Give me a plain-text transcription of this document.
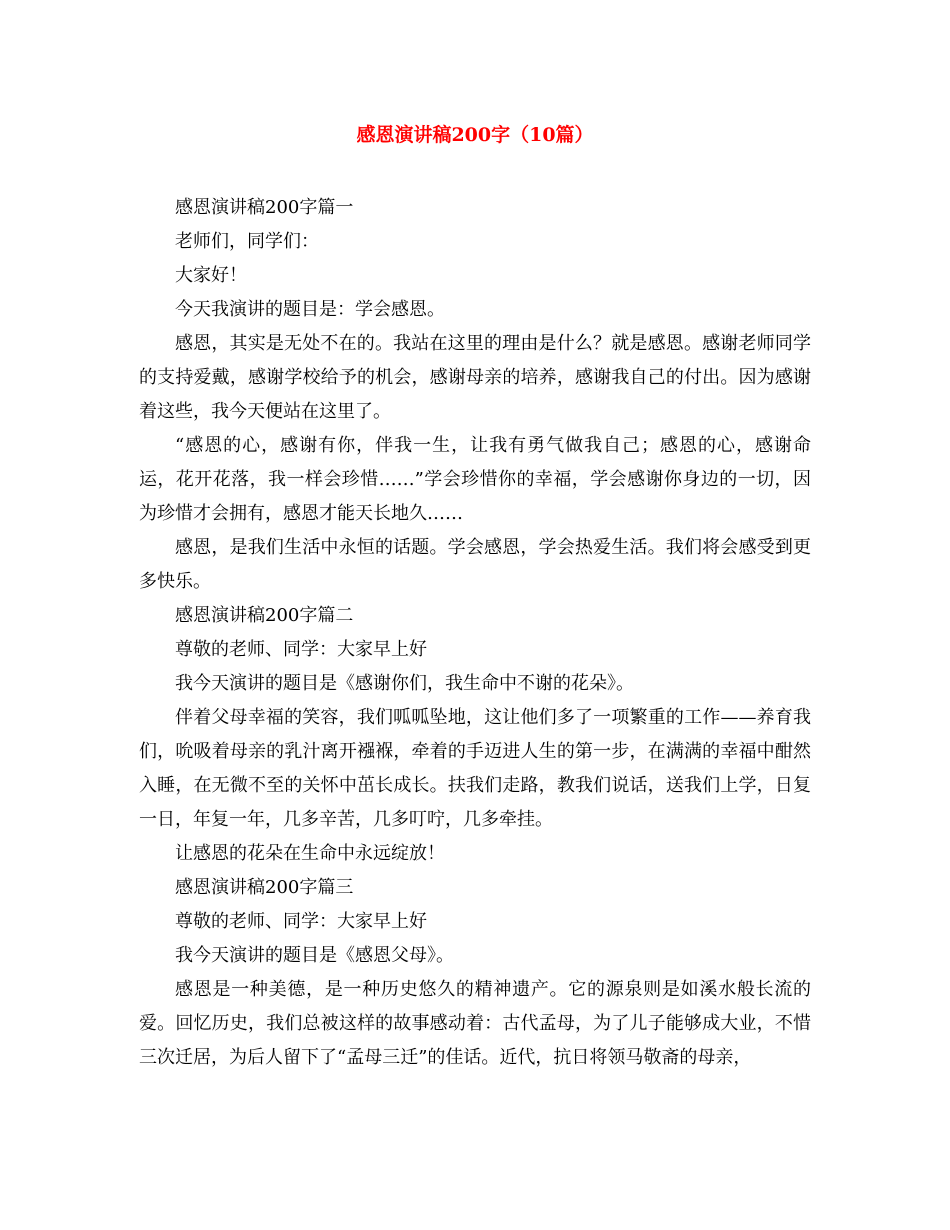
感恩演讲稿200字（10篇）

感恩演讲稿200字篇一

老师们，同学们：

大家好！

今天我演讲的题目是：学会感恩。

感恩，其实是无处不在的。我站在这里的理由是什么？就是感恩。感谢老师同学的支持爱戴，感谢学校给予的机会，感谢母亲的培养，感谢我自己的付出。因为感谢着这些，我今天便站在这里了。

“感恩的心，感谢有你，伴我一生，让我有勇气做我自己；感恩的心，感谢命运，花开花落，我一样会珍惜……”学会珍惜你的幸福，学会感谢你身边的一切，因为珍惜才会拥有，感恩才能天长地久……

感恩，是我们生活中永恒的话题。学会感恩，学会热爱生活。我们将会感受到更多快乐。

感恩演讲稿200字篇二

尊敬的老师、同学：大家早上好

我今天演讲的题目是《感谢你们，我生命中不谢的花朵》。

伴着父母幸福的笑容，我们呱呱坠地，这让他们多了一项繁重的工作——养育我们，吮吸着母亲的乳汁离开襁褓，牵着的手迈进人生的第一步，在满满的幸福中酣然入睡，在无微不至的关怀中茁长成长。扶我们走路，教我们说话，送我们上学，日复一日，年复一年，几多辛苦，几多叮咛，几多牵挂。

让感恩的花朵在生命中永远绽放！

感恩演讲稿200字篇三

尊敬的老师、同学：大家早上好

我今天演讲的题目是《感恩父母》。

感恩是一种美德，是一种历史悠久的精神遗产。它的源泉则是如溪水般长流的爱。回忆历史，我们总被这样的故事感动着：古代孟母，为了儿子能够成大业，不惜三次迁居，为后人留下了“孟母三迁”的佳话。近代，抗日将领马敬斋的母亲，
